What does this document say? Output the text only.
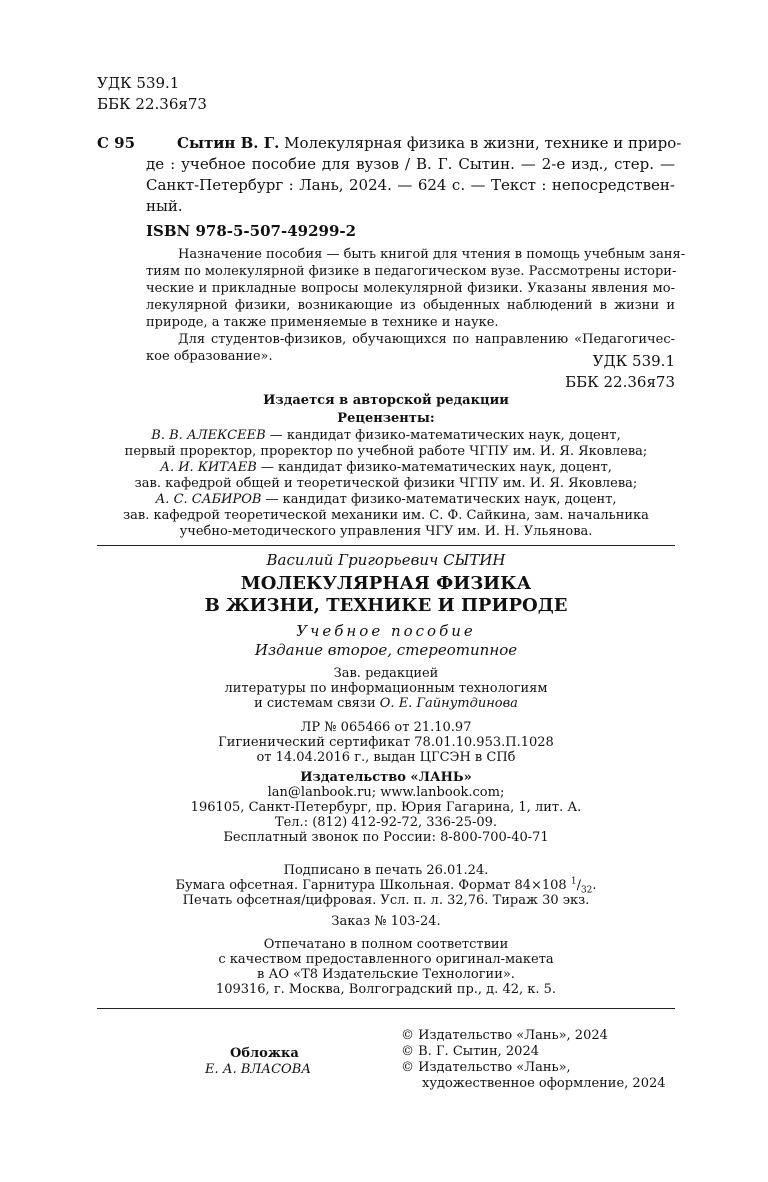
УДК 539.1
ББК 22.36я73
С 95	Сытин В. Г. Молекулярная физика в жизни, технике и приро-
де : учебное пособие для вузов / В. Г. Сытин. — 2-е изд., стер. —
Санкт-Петербург : Лань, 2024. — 624 с. — Текст : непосредствен-
ный.
ISBN 978-5-507-49299-2
Назначение пособия — быть книгой для чтения в помощь учебным заня-
тиям по молекулярной физике в педагогическом вузе. Рассмотрены истори-
ческие и прикладные вопросы молекулярной физики. Указаны явления мо-
лекулярной физики, возникающие из обыденных наблюдений в жизни и
природе, а также применяемые в технике и науке.
Для студентов-физиков, обучающихся по направлению «Педагогичес-
кое образование».	УДК 539.1
ББК 22.36я73
Издается в авторской редакции
Рецензенты:
В. В. АЛЕКСЕЕВ — кандидат физико-математических наук, доцент,
первый проректор, проректор по учебной работе ЧГПУ им. И. Я. Яковлева;
А. И. КИТАЕВ — кандидат физико-математических наук, доцент,
зав. кафедрой общей и теоретической физики ЧГПУ им. И. Я. Яковлева;
А. С. САБИРОВ — кандидат физико-математических наук, доцент,
зав. кафедрой теоретической механики им. С. Ф. Сайкина, зам. начальника
учебно-методического управления ЧГУ им. И. Н. Ульянова.
Василий Григорьевич СЫТИН
МОЛЕКУЛЯРНАЯ ФИЗИКА
В ЖИЗНИ, ТЕХНИКЕ И ПРИРОДЕ
Учебное пособие
Издание второе, стереотипное
Зав. редакцией
литературы по информационным технологиям
и системам связи О. Е. Гайнутдинова
ЛР № 065466 от 21.10.97
Гигиенический сертификат 78.01.10.953.П.1028
от 14.04.2016 г., выдан ЦГСЭН в СПб
Издательство «ЛАНЬ»
lan@lanbook.ru; www.lanbook.com;
196105, Санкт-Петербург, пр. Юрия Гагарина, 1, лит. А.
Тел.: (812) 412-92-72, 336-25-09.
Бесплатный звонок по России: 8-800-700-40-71
Подписано в печать 26.01.24.
Бумага офсетная. Гарнитура Школьная. Формат 84×108 $^1/_{32}$.
Печать офсетная/цифровая. Усл. п. л. 32,76. Тираж 30 экз.
Заказ № 103-24.
Отпечатано в полном соответствии
с качеством предоставленного оригинал-макета
в АО «Т8 Издательские Технологии».
109316, г. Москва, Волгоградский пр., д. 42, к. 5.
Обложка
Е. А. ВЛАСОВА
© Издательство «Лань», 2024
© В. Г. Сытин, 2024
© Издательство «Лань»,
художественное оформление, 2024
